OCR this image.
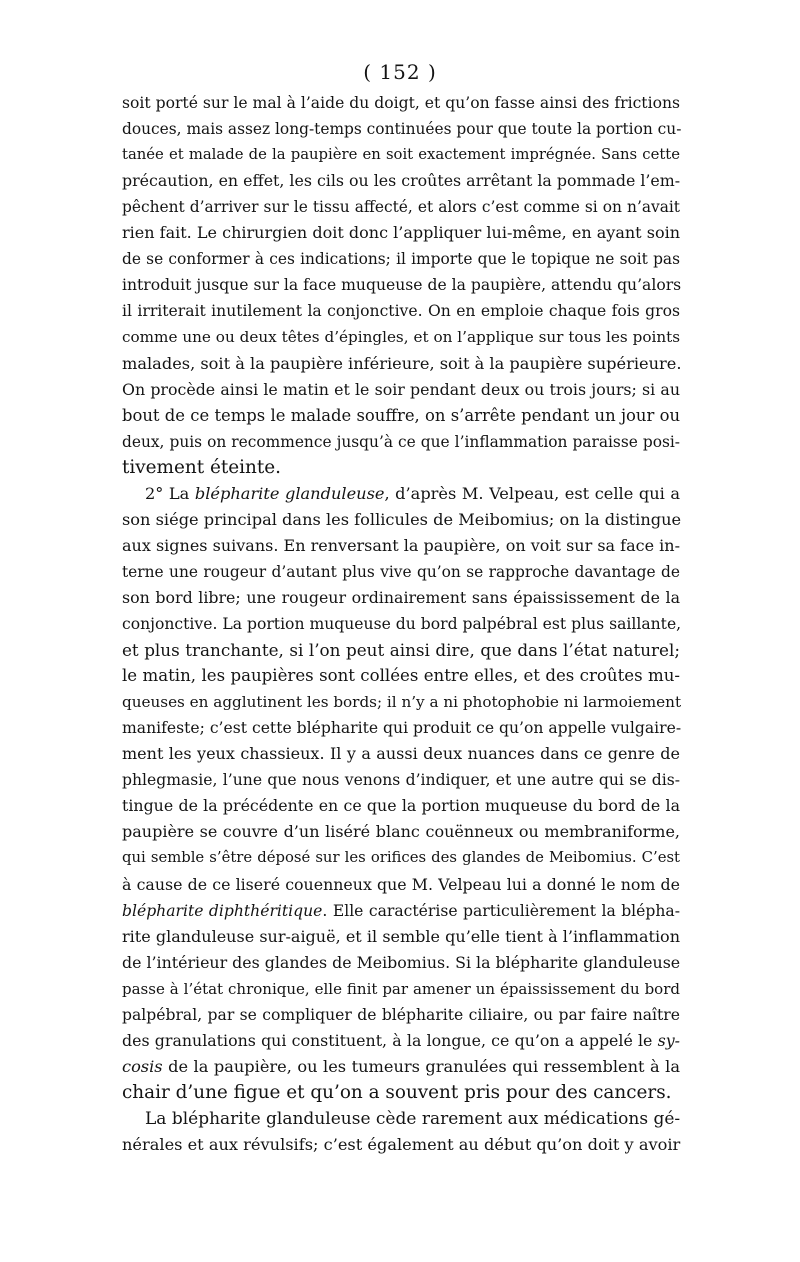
( 152 )
soit porté sur le mal à l’aide du doigt, et qu’on fasse ainsi des frictions
douces, mais assez long-temps continuées pour que toute la portion cu-
tanée et malade de la paupière en soit exactement imprégnée. Sans cette
précaution, en effet, les cils ou les croûtes arrêtant la pommade l’em-
pêchent d’arriver sur le tissu affecté, et alors c’est comme si on n’avait
rien fait. Le chirurgien doit donc l’appliquer lui-même, en ayant soin
de se conformer à ces indications; il importe que le topique ne soit pas
introduit jusque sur la face muqueuse de la paupière, attendu qu’alors
il irriterait inutilement la conjonctive. On en emploie chaque fois gros
comme une ou deux têtes d’épingles, et on l’applique sur tous les points
malades, soit à la paupière inférieure, soit à la paupière supérieure.
On procède ainsi le matin et le soir pendant deux ou trois jours; si au
bout de ce temps le malade souffre, on s’arrête pendant un jour ou
deux, puis on recommence jusqu’à ce que l’inflammation paraisse posi-
tivement éteinte.
2° La blépharite glanduleuse, d’après M. Velpeau, est celle qui a
son siége principal dans les follicules de Meibomius; on la distingue
aux signes suivans. En renversant la paupière, on voit sur sa face in-
terne une rougeur d’autant plus vive qu’on se rapproche davantage de
son bord libre; une rougeur ordinairement sans épaississement de la
conjonctive. La portion muqueuse du bord palpébral est plus saillante,
et plus tranchante, si l’on peut ainsi dire, que dans l’état naturel;
le matin, les paupières sont collées entre elles, et des croûtes mu-
queuses en agglutinent les bords; il n’y a ni photophobie ni larmoiement
manifeste; c’est cette blépharite qui produit ce qu’on appelle vulgaire-
ment les yeux chassieux. Il y a aussi deux nuances dans ce genre de
phlegmasie, l’une que nous venons d’indiquer, et une autre qui se dis-
tingue de la précédente en ce que la portion muqueuse du bord de la
paupière se couvre d’un liséré blanc couënneux ou membraniforme,
qui semble s’être déposé sur les orifices des glandes de Meibomius. C’est
à cause de ce liseré couenneux que M. Velpeau lui a donné le nom de
blépharite diphthéritique. Elle caractérise particulièrement la blépha-
rite glanduleuse sur-aiguë, et il semble qu’elle tient à l’inflammation
de l’intérieur des glandes de Meibomius. Si la blépharite glanduleuse
passe à l’état chronique, elle finit par amener un épaississement du bord
palpébral, par se compliquer de blépharite ciliaire, ou par faire naître
des granulations qui constituent, à la longue, ce qu’on a appelé le sy-
cosis de la paupière, ou les tumeurs granulées qui ressemblent à la
chair d’une figue et qu’on a souvent pris pour des cancers.
La blépharite glanduleuse cède rarement aux médications gé-
nérales et aux révulsifs; c’est également au début qu’on doit y avoir
